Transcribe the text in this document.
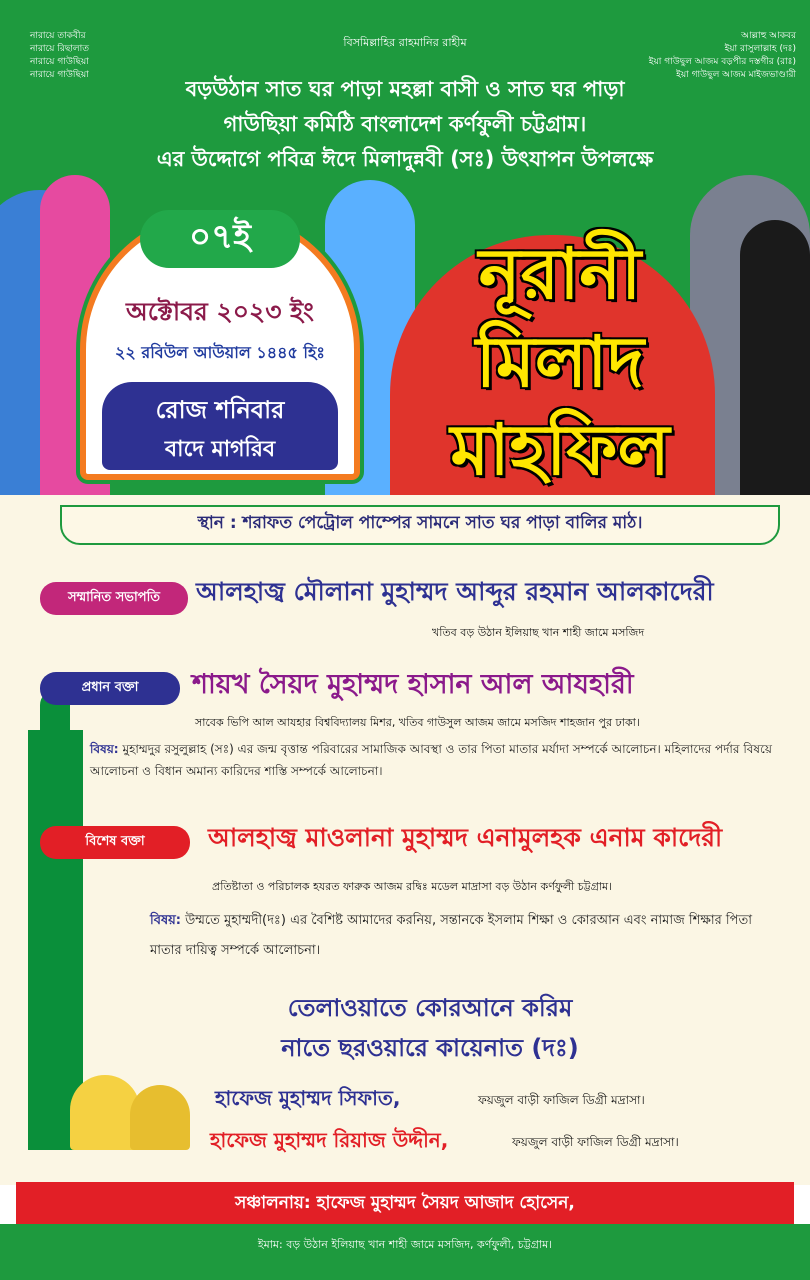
বিসমিল্লাহির রাহমানির রাহীম
নারায়ে তাকবীর
নারায়ে রিছালাত
নারায়ে গাউছিয়া
নারায়ে গাউছিয়া
আল্লাহু আকবর
ইয়া রাসুলাল্লাহ (দঃ)
ইয়া গাউছুল আজম বড়পীর দস্তগীর (রাঃ)
ইয়া গাউছুল আজম মাইজভাণ্ডারী
বড়উঠান সাত ঘর পাড়া মহল্লা বাসী ও সাত ঘর পাড়া
গাউছিয়া কমিঠি বাংলাদেশ কর্ণফুলী চট্টগ্রাম।
এর উদ্দোগে পবিত্র ঈদে মিলাদুন্নবী (সঃ) উৎযাপন উপলক্ষে
০৭ই
অক্টোবর ২০২৩ ইং
২২ রবিউল আউয়াল ১৪৪৫ হিঃ
রোজ শনিবার
বাদে মাগরিব
নূরানী
মিলাদ
মাহফিল
স্থান : শরাফত পেট্রোল পাম্পের সামনে সাত ঘর পাড়া বালির মাঠ।
সম্মানিত সভাপতি	আলহাজ্ব মৌলানা মুহাম্মদ আব্দুর রহমান আলকাদেরী
খতিব বড় উঠান ইলিয়াছ খান শাহী জামে মসজিদ
প্রধান বক্তা	শায়খ সৈয়দ মুহাম্মদ হাসান আল আযহারী
সাবেক ভিপি আল আযহার বিশ্ববিদ্যালয় মিশর, খতিব গাউসুল আজম জামে মসজিদ শাহজান পুর ঢাকা।
বিষয়: মুহাম্মদুর রসুলুল্লাহ (সঃ) এর জন্ম বৃত্তান্ত পরিবারের সামাজিক আবস্থা ও তার পিতা মাতার মর্যাদা সম্পর্কে আলোচন। মহিলাদের পর্দার বিষয়ে আলোচনা ও বিধান অমান্য কারিদের শাস্তি সম্পর্কে আলোচনা।
বিশেষ বক্তা	আলহাজ্ব মাওলানা মুহাম্মদ এনামুলহক এনাম কাদেরী
প্রতিষ্টাতা ও পরিচালক হযরত ফারুক আজম রদ্বিঃ মডেল মাদ্রাসা বড় উঠান কর্ণফুলী চট্টগ্রাম।
বিষয়: উম্মতে মুহাম্মদী(দঃ) এর বৈশিষ্ট আমাদের করনিয়, সন্তানকে ইসলাম শিক্ষা ও কোরআন এবং নামাজ শিক্ষার পিতা মাতার দায়িত্ব সম্পর্কে আলোচনা।
তেলাওয়াতে কোরআনে করিম
নাতে ছরওয়ারে কায়েনাত (দঃ)
হাফেজ মুহাম্মদ সিফাত,	ফয়জুল বাড়ী ফাজিল ডিগ্রী মদ্রাসা।
হাফেজ মুহাম্মদ রিয়াজ উদ্দীন,	ফয়জুল বাড়ী ফাজিল ডিগ্রী মদ্রাসা।
সঞ্চালনায়: হাফেজ মুহাম্মদ সৈয়দ আজাদ হোসেন,
ইমাম: বড় উঠান ইলিয়াছ খান শাহী জামে মসজিদ, কর্ণফুলী, চট্টগ্রাম।
